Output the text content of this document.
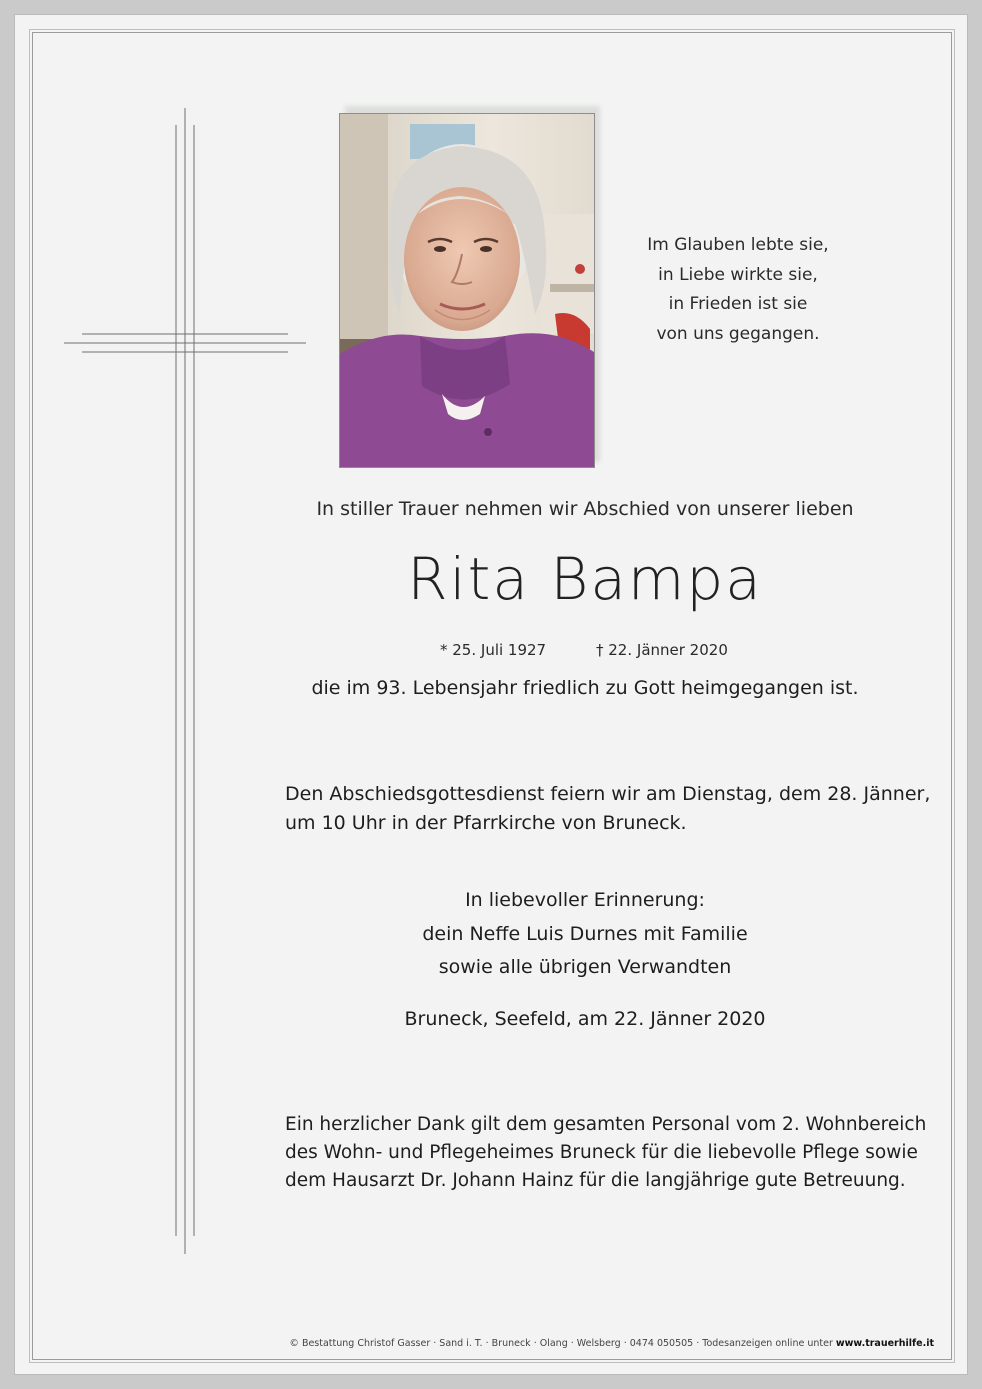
Im Glauben lebte sie,
in Liebe wirkte sie,
in Frieden ist sie
von uns gegangen.
In stiller Trauer nehmen wir Abschied von unserer lieben
Rita Bampa
* 25. Juli 1927	† 22. Jänner 2020
die im 93. Lebensjahr friedlich zu Gott heimgegangen ist.
Den Abschiedsgottesdienst feiern wir am Dienstag, dem 28. Jänner,
um 10 Uhr in der Pfarrkirche von Bruneck.
In liebevoller Erinnerung:
dein Neffe Luis Durnes mit Familie
sowie alle übrigen Verwandten
Bruneck, Seefeld, am 22. Jänner 2020
Ein herzlicher Dank gilt dem gesamten Personal vom 2. Wohnbereich
des Wohn- und Pflegeheimes Bruneck für die liebevolle Pflege sowie
dem Hausarzt Dr. Johann Hainz für die langjährige gute Betreuung.
© Bestattung Christof Gasser · Sand i. T. · Bruneck · Olang · Welsberg · 0474 050505 · Todesanzeigen online unter www.trauerhilfe.it
